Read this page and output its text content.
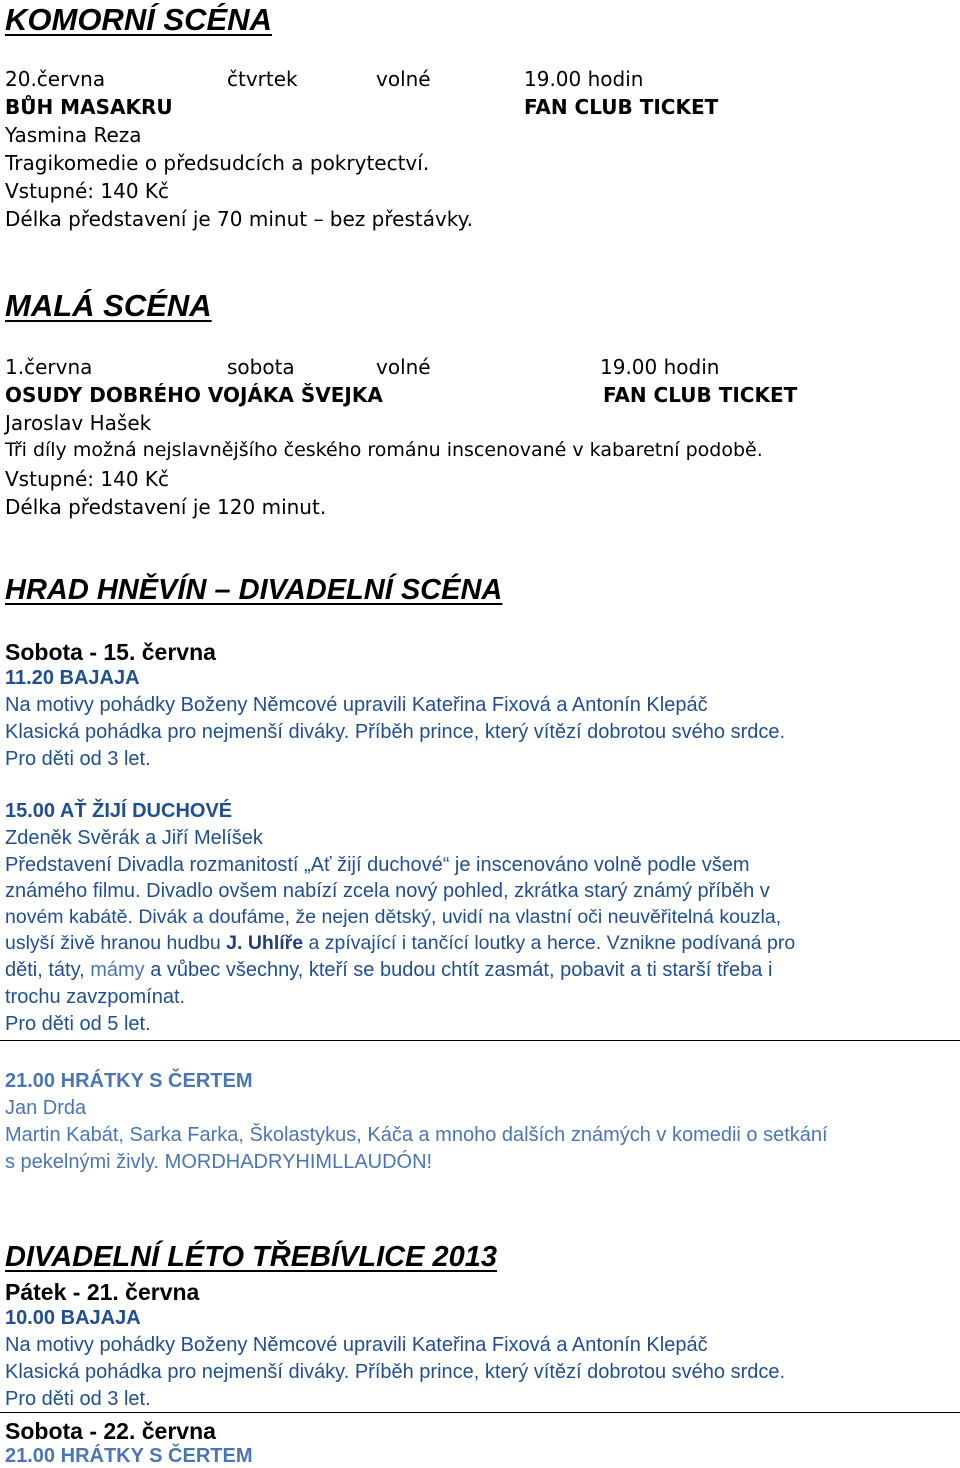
KOMORNÍ SCÉNA
20.června	čtvrtek	volné	19.00 hodin
BŮH MASAKRU	FAN CLUB TICKET
Yasmina Reza
Tragikomedie o předsudcích a pokrytectví.
Vstupné: 140 Kč
Délka představení je 70 minut – bez přestávky.
MALÁ SCÉNA
1.června	sobota	volné	19.00 hodin
OSUDY DOBRÉHO VOJÁKA ŠVEJKA	FAN CLUB TICKET
Jaroslav Hašek
Tři díly možná nejslavnějšího českého románu inscenované v kabaretní podobě.
Vstupné: 140 Kč
Délka představení je 120 minut.
HRAD HNĚVÍN – DIVADELNÍ SCÉNA
Sobota - 15. června
11.20 BAJAJA
Na motivy pohádky Boženy Němcové upravili Kateřina Fixová a Antonín Klepáč
Klasická pohádka pro nejmenší diváky. Příběh prince, který vítězí dobrotou svého srdce.
Pro děti od 3 let.
15.00 AŤ ŽIJÍ DUCHOVÉ
Zdeněk Svěrák a Jiří Melíšek
Představení Divadla rozmanitostí „Ať žijí duchové“ je inscenováno volně podle všem
známého filmu. Divadlo ovšem nabízí zcela nový pohled, zkrátka starý známý příběh v
novém kabátě. Divák a doufáme, že nejen dětský, uvidí na vlastní oči neuvěřitelná kouzla,
uslyší živě hranou hudbu J. Uhlíře a zpívající i tančící loutky a herce. Vznikne podívaná pro
děti, táty, mámy a vůbec všechny, kteří se budou chtít zasmát, pobavit a ti starší třeba i
trochu zavzpomínat.
Pro děti od 5 let.
21.00 HRÁTKY S ČERTEM
Jan Drda
Martin Kabát, Sarka Farka, Školastykus, Káča a mnoho dalších známých v komedii o setkání
s pekelnými živly. MORDHADRYHIMLLAUDÓN!
DIVADELNÍ LÉTO TŘEBÍVLICE 2013
Pátek - 21. června
10.00 BAJAJA
Na motivy pohádky Boženy Němcové upravili Kateřina Fixová a Antonín Klepáč
Klasická pohádka pro nejmenší diváky. Příběh prince, který vítězí dobrotou svého srdce.
Pro děti od 3 let.
Sobota - 22. června
21.00 HRÁTKY S ČERTEM
